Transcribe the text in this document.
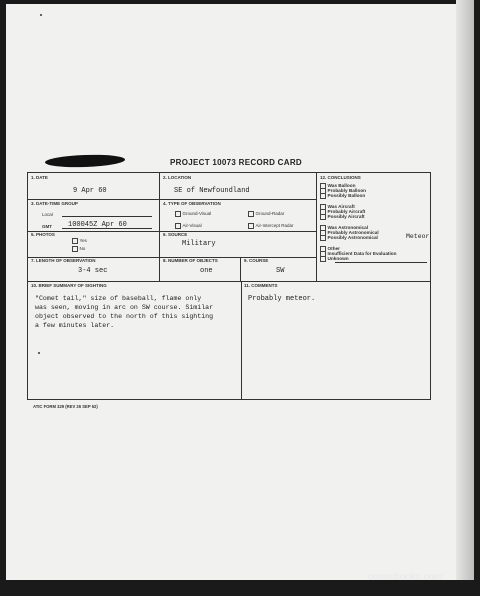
PROJECT 10073 RECORD CARD
1. DATE
9 Apr 60
2. LOCATION
SE of Newfoundland
3. DATE-TIME GROUP
Local
GMT 100045Z Apr 60
4. TYPE OF OBSERVATION
Ground-Visual	Ground-Radar
Air-Visual	Air-Intercept Radar
5. PHOTOS
Yes
No
6. SOURCE
Military
7. LENGTH OF OBSERVATION
3-4 sec
8. NUMBER OF OBJECTS
one
9. COURSE
SW
10. BRIEF SUMMARY OF SIGHTING
"Comet tail," size of baseball, flame only
was seen, moving in arc on SW course. Similar
object observed to the north of this sighting
a few minutes later.
11. COMMENTS
Probably meteor.
12. CONCLUSIONS
Was Balloon
Probably Balloon
Possibly Balloon
Was Aircraft
Probably Aircraft
Possibly Aircraft
Was Astronomical
Probably Astronomical
Possibly Astronomical
Other
Insufficient Data for Evaluation
Unknown
Meteor
ATIC FORM 329 (REV 26 SEP 52)
comicbooks.com
